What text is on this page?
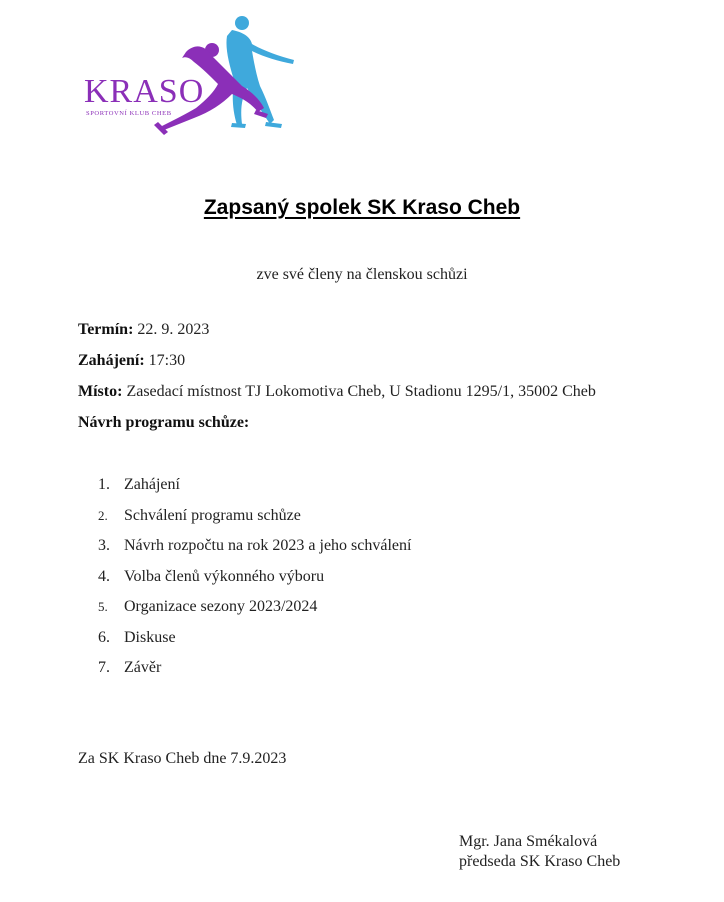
KRASO
SPORTOVNÍ KLUB CHEB
Zapsaný spolek SK Kraso Cheb
zve své členy na členskou schůzi
Termín: 22. 9. 2023
Zahájení: 17:30
Místo: Zasedací místnost TJ Lokomotiva Cheb, U Stadionu 1295/1, 35002 Cheb
Návrh programu schůze:
1. Zahájení
2. Schválení programu schůze
3. Návrh rozpočtu na rok 2023 a jeho schválení
4. Volba členů výkonného výboru
5. Organizace sezony 2023/2024
6. Diskuse
7. Závěr
Za SK Kraso Cheb dne 7.9.2023
Mgr. Jana Smékalová
předseda SK Kraso Cheb
